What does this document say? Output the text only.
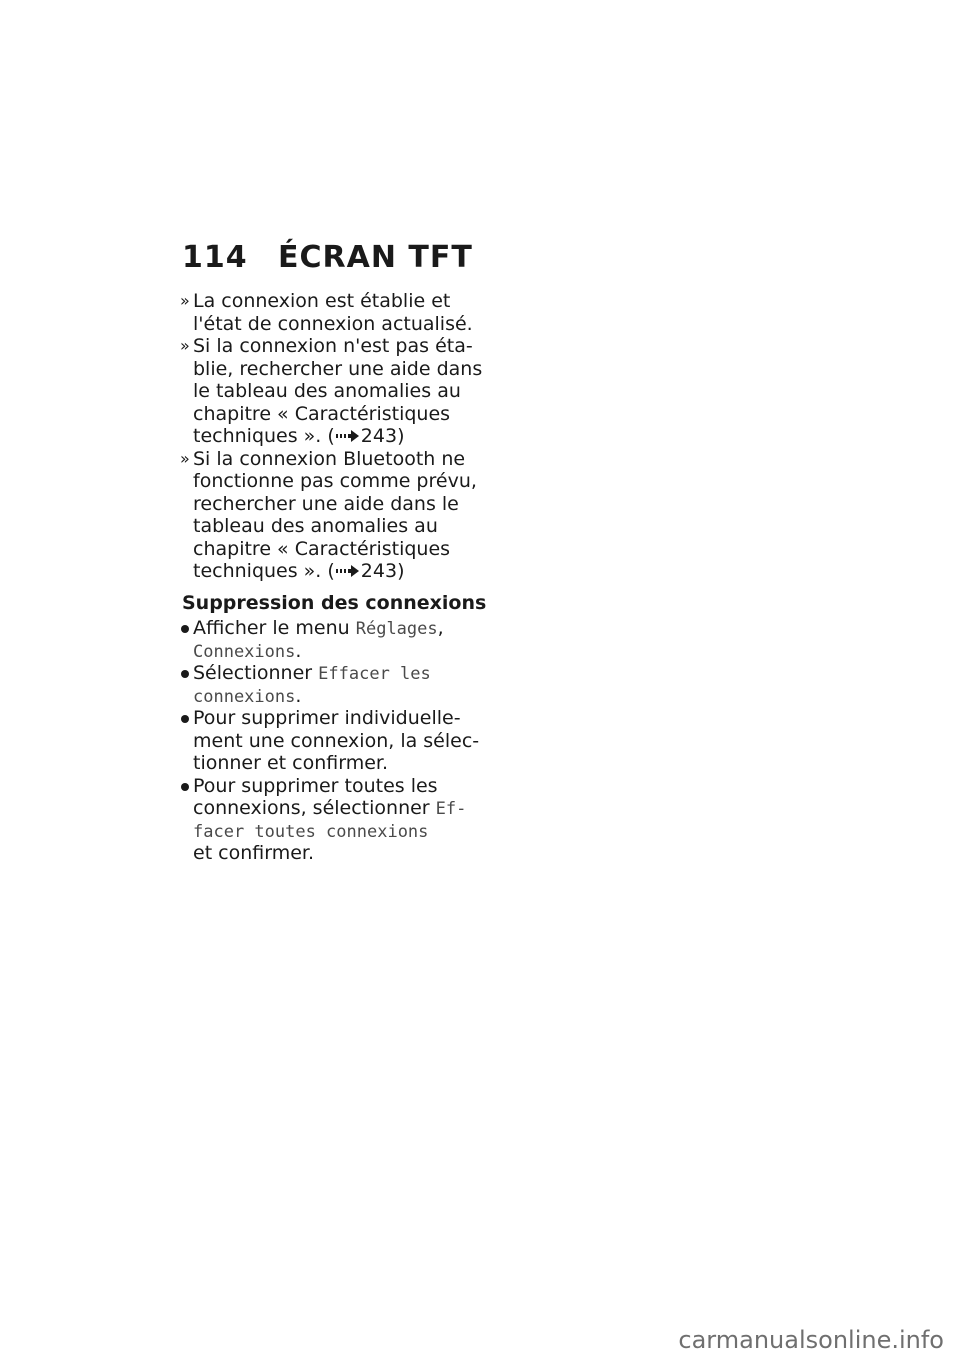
114 ÉCRAN TFT
» La connexion est établie et
l'état de connexion actualisé.
» Si la connexion n'est pas éta-
blie, rechercher une aide dans
le tableau des anomalies au
chapitre « Caractéristiques
techniques ». ( 243)
» Si la connexion Bluetooth ne
fonctionne pas comme prévu,
rechercher une aide dans le
tableau des anomalies au
chapitre « Caractéristiques
techniques ». ( 243)
Suppression des connexions
Afficher le menu Réglages,
Connexions.
Sélectionner Effacer les
connexions.
Pour supprimer individuelle-
ment une connexion, la sélec-
tionner et confirmer.
Pour supprimer toutes les
connexions, sélectionner Ef-
facer toutes connexions
et confirmer.
carmanualsonline.info
